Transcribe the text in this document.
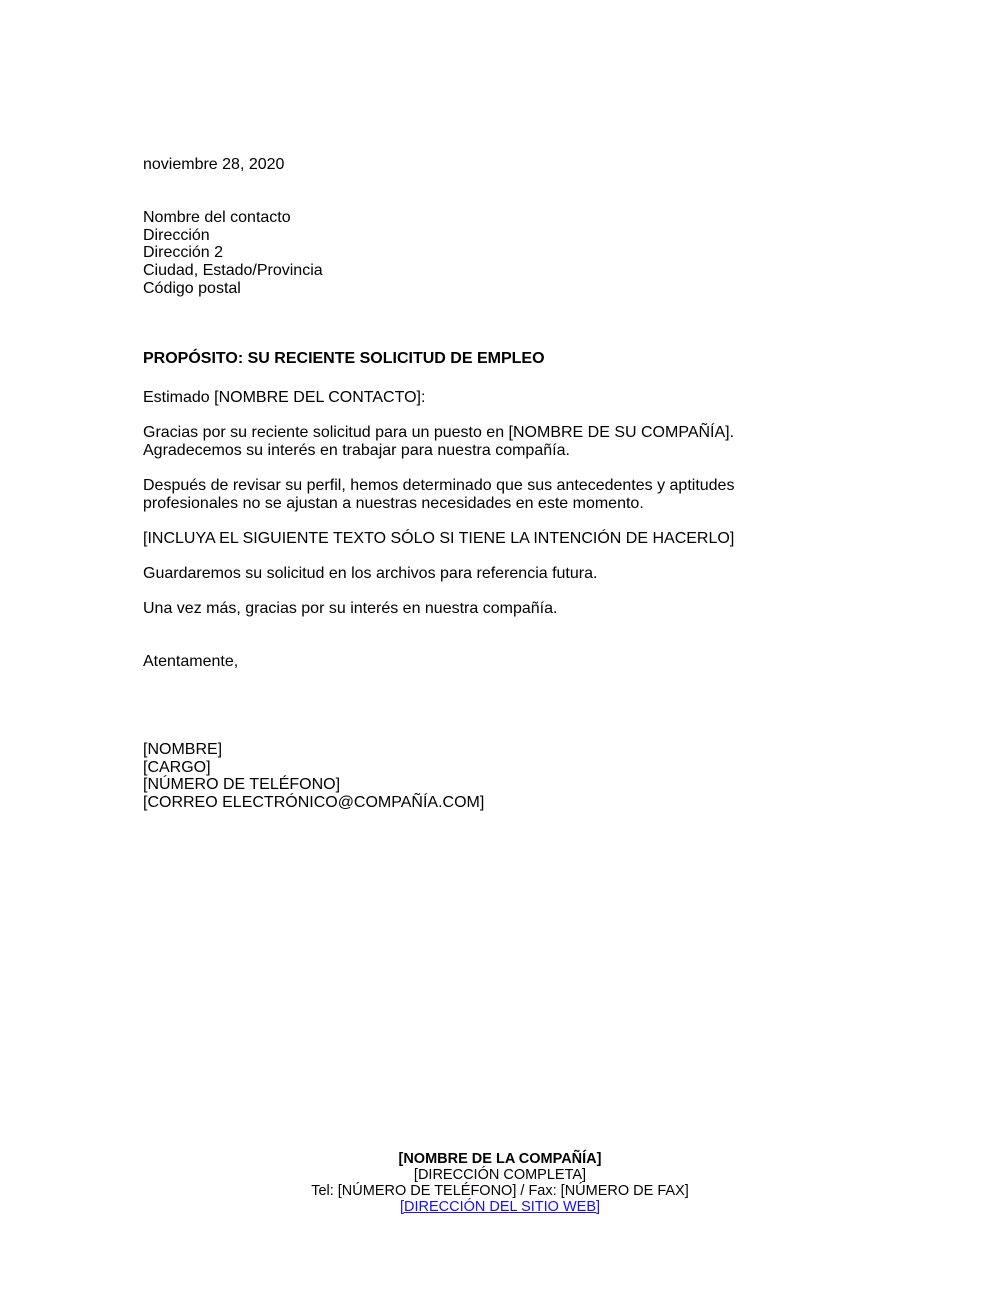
noviembre 28, 2020
Nombre del contacto
Dirección
Dirección 2
Ciudad, Estado/Provincia
Código postal
PROPÓSITO: SU RECIENTE SOLICITUD DE EMPLEO
Estimado [NOMBRE DEL CONTACTO]:
Gracias por su reciente solicitud para un puesto en [NOMBRE DE SU COMPAÑÍA].
Agradecemos su interés en trabajar para nuestra compañía.
Después de revisar su perfil, hemos determinado que sus antecedentes y aptitudes
profesionales no se ajustan a nuestras necesidades en este momento.
[INCLUYA EL SIGUIENTE TEXTO SÓLO SI TIENE LA INTENCIÓN DE HACERLO]
Guardaremos su solicitud en los archivos para referencia futura.
Una vez más, gracias por su interés en nuestra compañía.
Atentamente,
[NOMBRE]
[CARGO]
[NÚMERO DE TELÉFONO]
[CORREO ELECTRÓNICO@COMPAÑÍA.COM]
[NOMBRE DE LA COMPAÑÍA]
[DIRECCIÓN COMPLETA]
Tel: [NÚMERO DE TELÉFONO] / Fax: [NÚMERO DE FAX]
[DIRECCIÓN DEL SITIO WEB]
